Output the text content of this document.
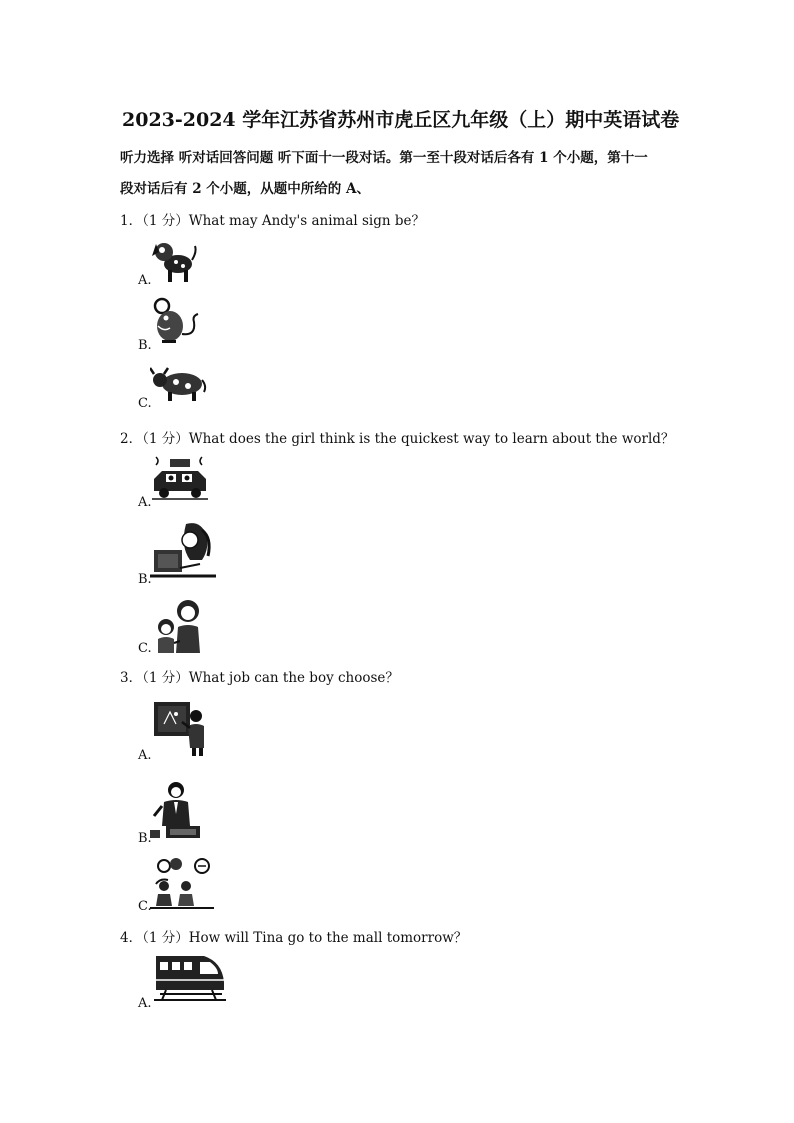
2023-2024 学年江苏省苏州市虎丘区九年级（上）期中英语试卷
听力选择 听对话回答问题 听下面十一段对话。第一至十段对话后各有 1 个小题，第十一
段对话后有 2 个小题，从题中所给的 A、
1．（1 分）What may Andy's animal sign be？
A.
B.
C.
2．（1 分）What does the girl think is the quickest way to learn about the world？
A.
B.
C.
3．（1 分）What job can the boy choose？
A.
B.
C.
4．（1 分）How will Tina go to the mall tomorrow？
A.
